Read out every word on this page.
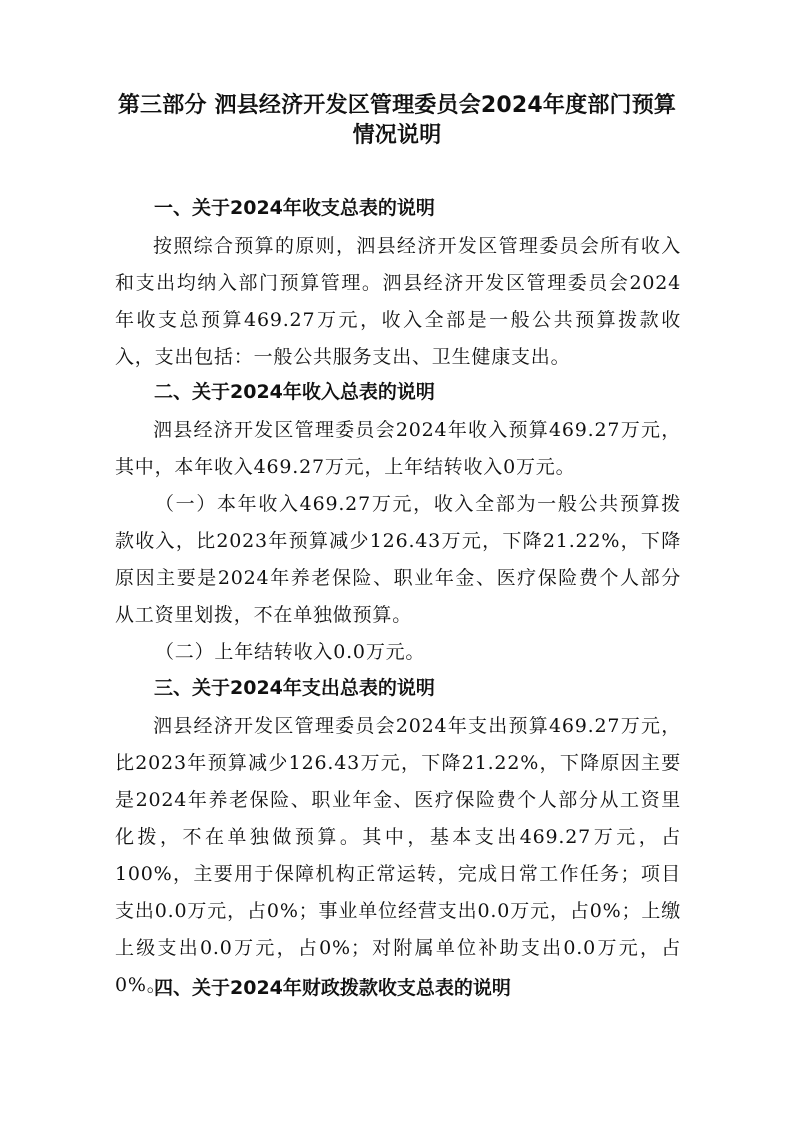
第三部分 泗县经济开发区管理委员会2024年度部门预算情况说明
一、关于2024年收支总表的说明
按照综合预算的原则，泗县经济开发区管理委员会所有收入和支出均纳入部门预算管理。泗县经济开发区管理委员会2024年收支总预算469.27万元，收入全部是一般公共预算拨款收入，支出包括：一般公共服务支出、卫生健康支出。
二、关于2024年收入总表的说明
泗县经济开发区管理委员会2024年收入预算469.27万元，其中，本年收入469.27万元，上年结转收入0万元。
（一）本年收入469.27万元，收入全部为一般公共预算拨款收入，比2023年预算减少126.43万元，下降21.22%，下降原因主要是2024年养老保险、职业年金、医疗保险费个人部分从工资里划拨，不在单独做预算。
（二）上年结转收入0.0万元。
三、关于2024年支出总表的说明
泗县经济开发区管理委员会2024年支出预算469.27万元，比2023年预算减少126.43万元，下降21.22%，下降原因主要是2024年养老保险、职业年金、医疗保险费个人部分从工资里化拨，不在单独做预算。其中，基本支出469.27万元，占100%，主要用于保障机构正常运转，完成日常工作任务；项目支出0.0万元，占0%；事业单位经营支出0.0万元，占0%；上缴上级支出0.0万元，占0%；对附属单位补助支出0.0万元，占0%。
四、关于2024年财政拨款收支总表的说明
